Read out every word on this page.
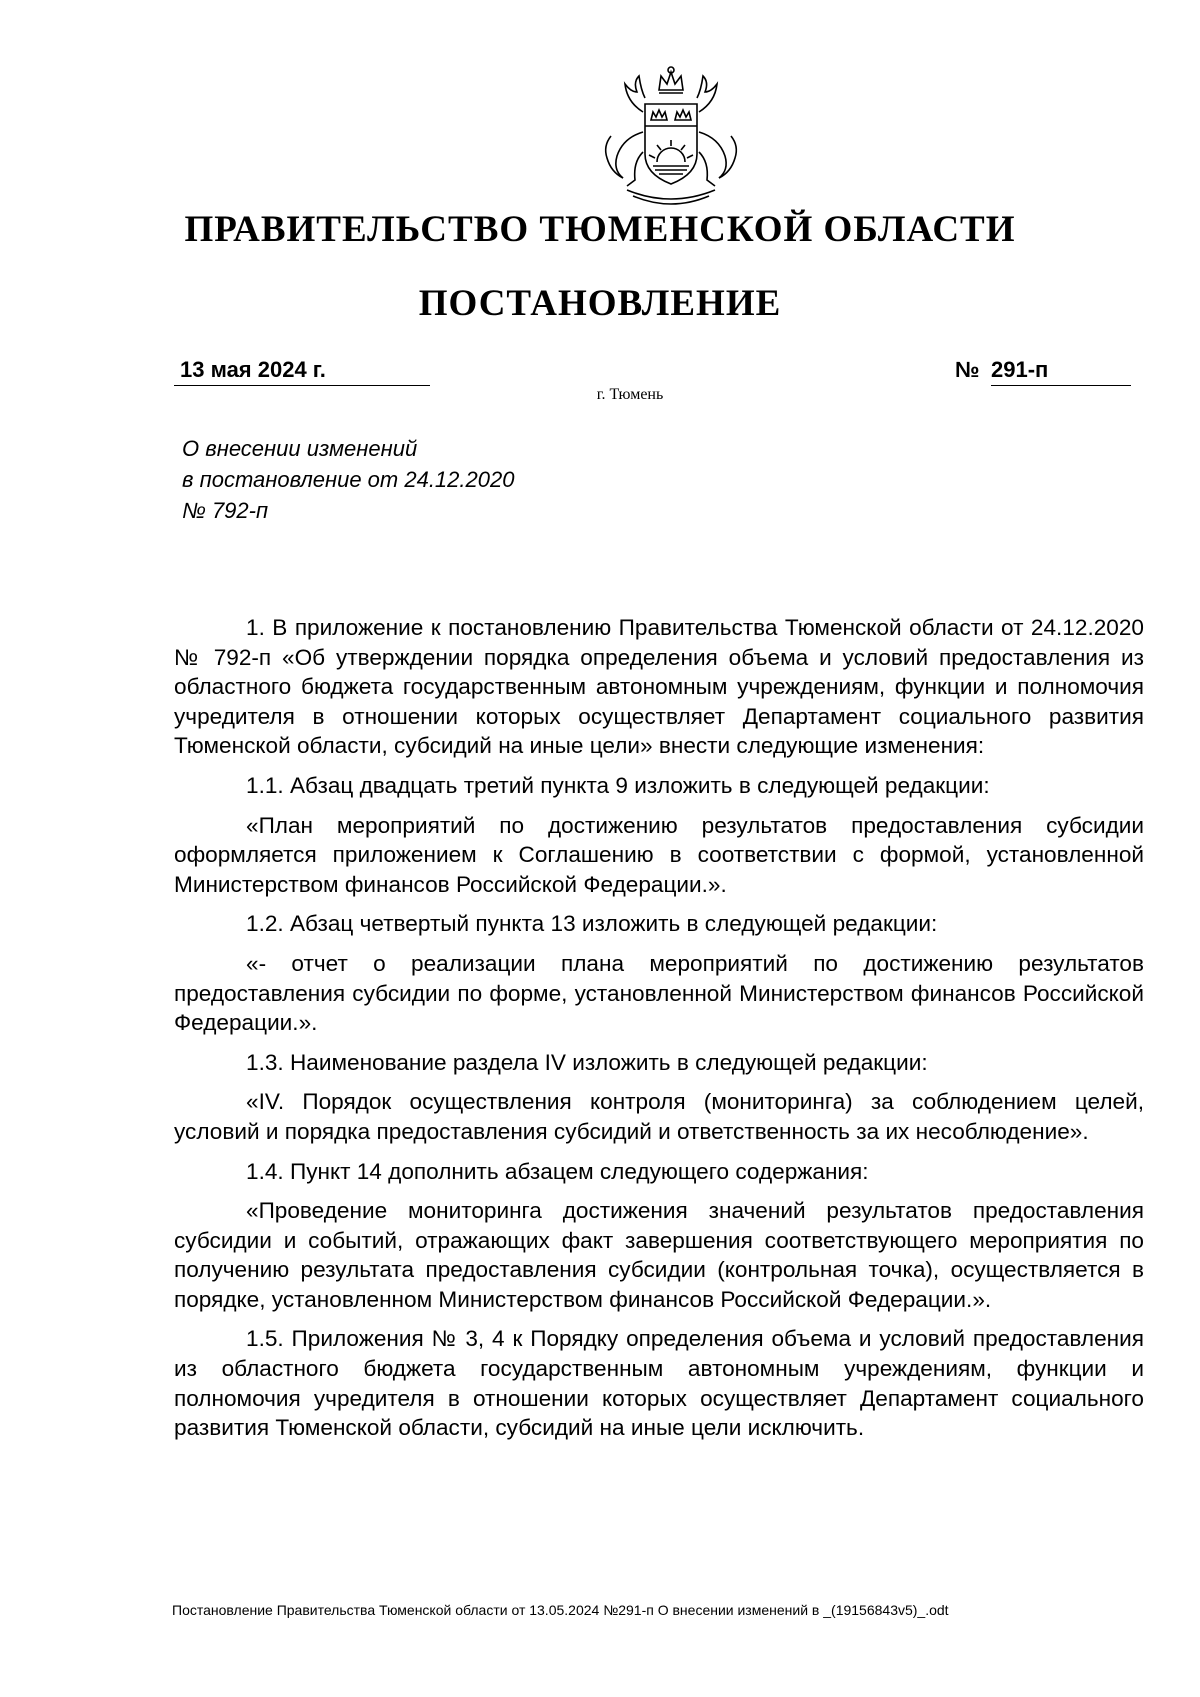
ПРАВИТЕЛЬСТВО ТЮМЕНСКОЙ ОБЛАСТИ
ПОСТАНОВЛЕНИЕ
13 мая 2024 г.	№ 291-п
г. Тюмень
О внесении изменений
в постановление от 24.12.2020
№ 792-п

1. В приложение к постановлению Правительства Тюменской области от 24.12.2020 № 792-п «Об утверждении порядка определения объема и условий предоставления из областного бюджета государственным автономным учреждениям, функции и полномочия учредителя в отношении которых осуществляет Департамент социального развития Тюменской области, субсидий на иные цели» внести следующие изменения:

1.1. Абзац двадцать третий пункта 9 изложить в следующей редакции:

«План мероприятий по достижению результатов предоставления субсидии оформляется приложением к Соглашению в соответствии с формой, установленной Министерством финансов Российской Федерации.».

1.2. Абзац четвертый пункта 13 изложить в следующей редакции:

«- отчет о реализации плана мероприятий по достижению результатов предоставления субсидии по форме, установленной Министерством финансов Российской Федерации.».

1.3. Наименование раздела IV изложить в следующей редакции:

«IV. Порядок осуществления контроля (мониторинга) за соблюдением целей, условий и порядка предоставления субсидий и ответственность за их несоблюдение».

1.4. Пункт 14 дополнить абзацем следующего содержания:

«Проведение мониторинга достижения значений результатов предоставления субсидии и событий, отражающих факт завершения соответствующего мероприятия по получению результата предоставления субсидии (контрольная точка), осуществляется в порядке, установленном Министерством финансов Российской Федерации.».

1.5. Приложения № 3, 4 к Порядку определения объема и условий предоставления из областного бюджета государственным автономным учреждениям, функции и полномочия учредителя в отношении которых осуществляет Департамент социального развития Тюменской области, субсидий на иные цели исключить.

Постановление Правительства Тюменской области от 13.05.2024 №291-п О внесении изменений в _(19156843v5)_.odt
